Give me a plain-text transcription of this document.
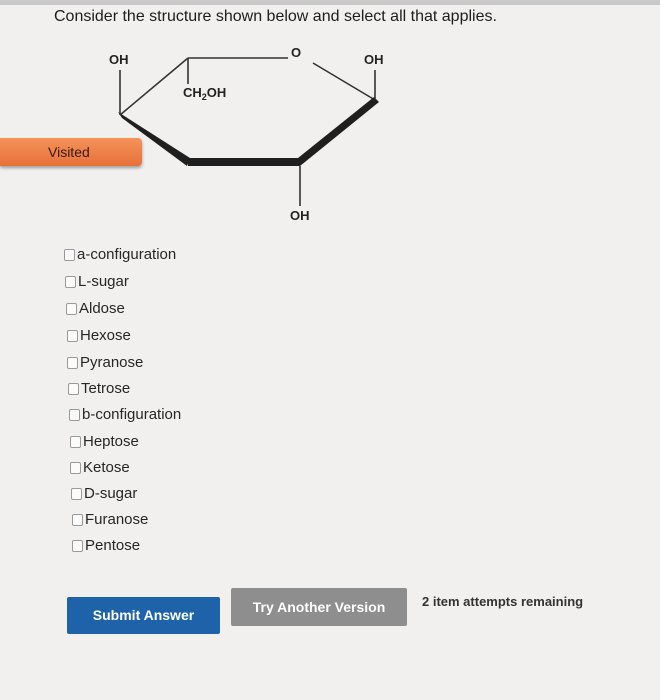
Consider the structure shown below and select all that applies.
OH	O	OH
$CH_2OH$
OH
Visited
a-configuration
L-sugar
Aldose
Hexose
Pyranose
Tetrose
b-configuration
Heptose
Ketose
D-sugar
Furanose
Pentose
Submit Answer	Try Another Version	2 item attempts remaining
